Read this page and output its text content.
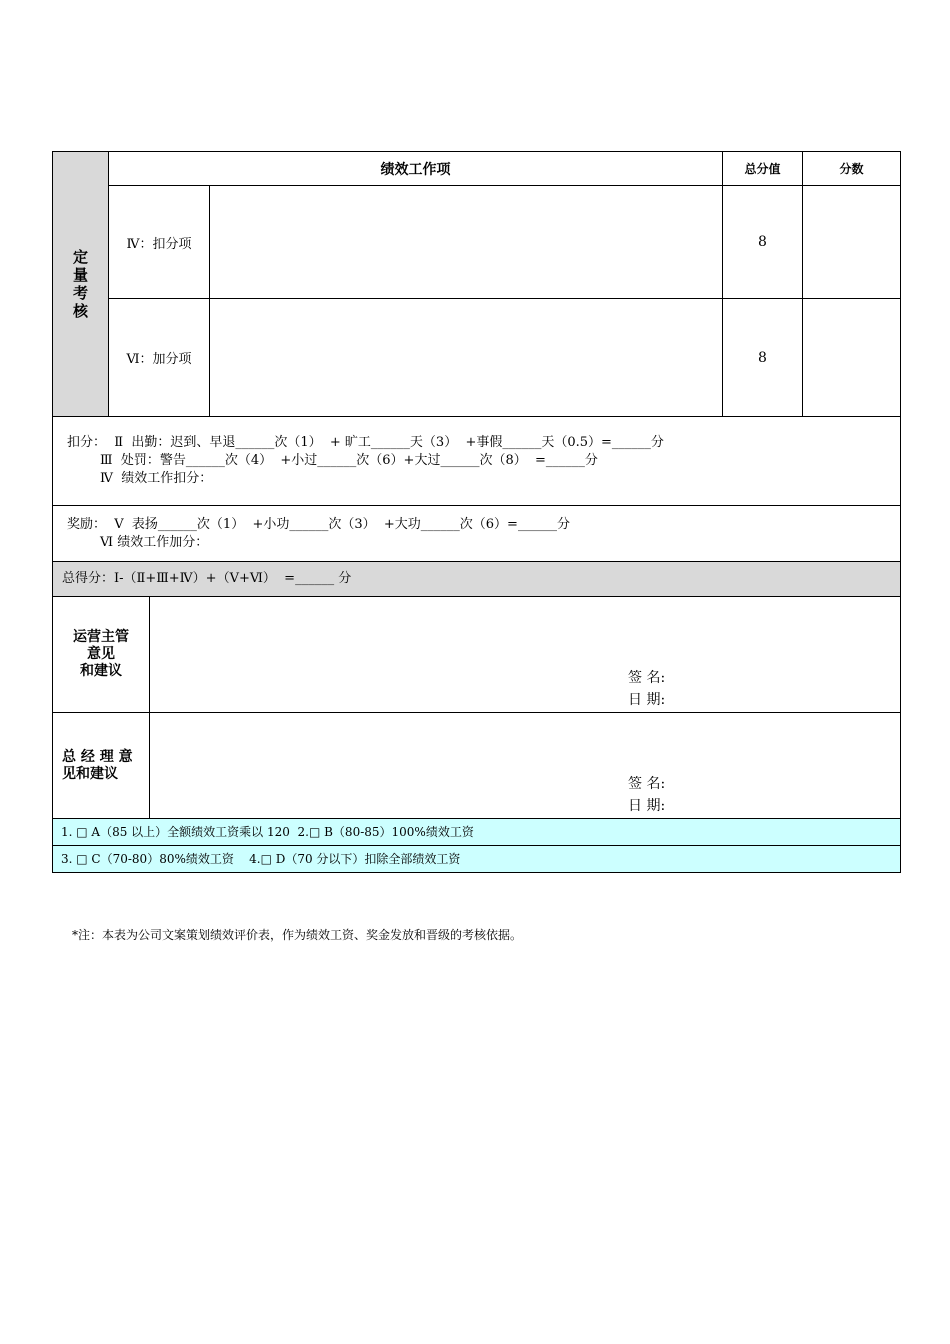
定
量
考
核
绩效工作项	总分值	分数
Ⅳ：扣分项	8
Ⅵ：加分项	8
扣分：  Ⅱ  出勤：迟到、早退______次（1）  + 旷工______天（3）  +事假______天（0.5）=______分
Ⅲ  处罚：警告______次（4）  +小过______次（6）+大过______次（8）  =______分
Ⅳ  绩效工作扣分：
奖励：  Ⅴ  表扬______次（1）  +小功______次（3）  +大功______次（6）=______分
Ⅵ 绩效工作加分：
总得分：Ⅰ-（Ⅱ+Ⅲ+Ⅳ）+（Ⅴ+Ⅵ）  =______ 分
运营主管
意见
和建议	签 名:
日 期:
总 经 理 意
见和建议
签 名:
日 期:
1. □ A（85 以上）全额绩效工资乘以 120  2.□ B（80-85）100%绩效工资
3. □ C（70-80）80%绩效工资    4.□ D（70 分以下）扣除全部绩效工资
*注：本表为公司文案策划绩效评价表，作为绩效工资、奖金发放和晋级的考核依据。
